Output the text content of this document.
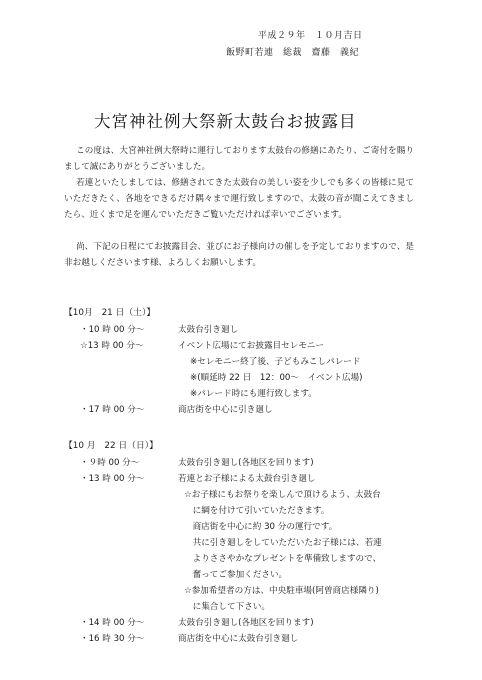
平成２９年　１０月吉日
飯野町若連　総裁　齋藤　義紀
大宮神社例大祭新太鼓台お披露目
この度は、大宮神社例大祭時に運行しております太鼓台の修繕にあたり、ご寄付を賜りまして誠にありがとうございました。
若連といたしましては、修繕されてきた太鼓台の美しい姿を少しでも多くの皆様に見ていただきたく、各地をできるだけ隅々まで運行致しますので、太鼓の音が聞こえてきましたら、近くまで足を運んでいただきご覧いただければ幸いでございます。
尚、下記の日程にてお披露目会、並びにお子様向けの催しを予定しておりますので、是非お越しくださいます様、よろしくお願いします。
【10月　21 日（土）】
・10 時 00 分～	太鼓台引き廻し
☆13 時 00 分～	イベント広場にてお披露目セレモニー
※セレモニー終了後、子どもみこしパレード
※(順延時 22 日　12：00～　イベント広場)
※パレード時にも運行致します。
・17 時 00 分～	商店街を中心に引き廻し
【10 月　22 日（日）】
・９時 00 分～	太鼓台引き廻し(各地区を回ります)
・13 時 00 分～	若連とお子様による太鼓台引き廻し
☆お子様にもお祭りを楽しんで頂けるよう、太鼓台
　に綱を付けて引いていただきます。
　商店街を中心に約 30 分の運行です。
　共に引き廻しをしていただいたお子様には、若連
　よりささやかなプレゼントを準備致しますので、
　奮ってご参加ください。
☆参加希望者の方は、中央駐車場(阿曽商店様隣り)
　に集合して下さい。
・14 時 00 分～	太鼓台引き廻し(各地区を回ります)
・16 時 30 分～	商店街を中心に太鼓台引き廻し
